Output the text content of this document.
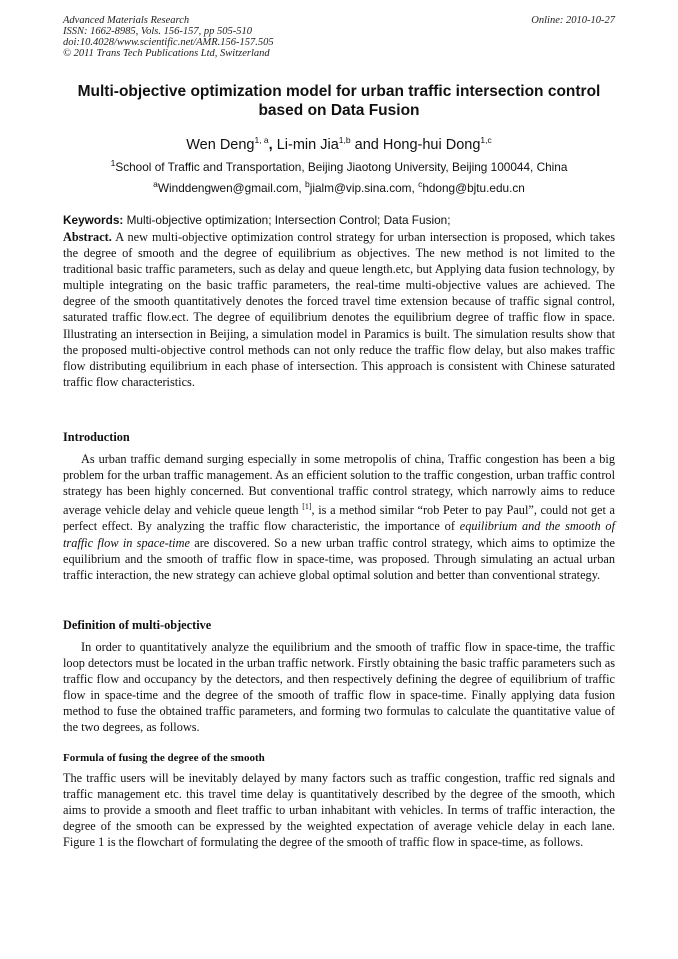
Advanced Materials Research
ISSN: 1662-8985, Vols. 156-157, pp 505-510
doi:10.4028/www.scientific.net/AMR.156-157.505
© 2011 Trans Tech Publications Ltd, Switzerland
Online: 2010-10-27
Multi-objective optimization model for urban traffic intersection control based on Data Fusion
Wen Deng$^{1, a}$, Li-min Jia$^{1,b}$ and Hong-hui Dong$^{1,c}$
$^1$School of Traffic and Transportation, Beijing Jiaotong University, Beijing 100044, China
$^a$Winddengwen@gmail.com, $^b$jialm@vip.sina.com, $^c$hdong@bjtu.edu.cn
Keywords: Multi-objective optimization; Intersection Control; Data Fusion;
Abstract. A new multi-objective optimization control strategy for urban intersection is proposed, which takes the degree of smooth and the degree of equilibrium as objectives. The new method is not limited to the traditional basic traffic parameters, such as delay and queue length.etc, but Applying data fusion technology, by multiple integrating on the basic traffic parameters, the real-time multi-objective values are achieved. The degree of the smooth quantitatively denotes the forced travel time extension because of traffic signal control, saturated traffic flow.ect. The degree of equilibrium denotes the equilibrium degree of traffic flow in space. Illustrating an intersection in Beijing, a simulation model in Paramics is built. The simulation results show that the proposed multi-objective control methods can not only reduce the traffic flow delay, but also makes traffic flow distributing equilibrium in each phase of intersection. This approach is consistent with Chinese saturated traffic flow characteristics.
Introduction
As urban traffic demand surging especially in some metropolis of china, Traffic congestion has been a big problem for the urban traffic management. As an efficient solution to the traffic congestion, urban traffic control strategy has been highly concerned. But conventional traffic control strategy, which narrowly aims to reduce average vehicle delay and vehicle queue length [1], is a method similar “rob Peter to pay Paul”, could not get a perfect effect. By analyzing the traffic flow characteristic, the importance of equilibrium and the smooth of traffic flow in space-time are discovered. So a new urban traffic control strategy, which aims to optimize the equilibrium and the smooth of traffic flow in space-time, was proposed. Through simulating an actual urban traffic interaction, the new strategy can achieve global optimal solution and better than conventional strategy.
Definition of multi-objective
In order to quantitatively analyze the equilibrium and the smooth of traffic flow in space-time, the traffic loop detectors must be located in the urban traffic network. Firstly obtaining the basic traffic parameters such as traffic flow and occupancy by the detectors, and then respectively defining the degree of equilibrium of traffic flow in space-time and the degree of the smooth of traffic flow in space-time. Finally applying data fusion method to fuse the obtained traffic parameters, and forming two formulas to calculate the quantitative value of the two degrees, as follows.
Formula of fusing the degree of the smooth
The traffic users will be inevitably delayed by many factors such as traffic congestion, traffic red signals and traffic management etc. this travel time delay is quantitatively described by the degree of the smooth, which aims to provide a smooth and fleet traffic to urban inhabitant with vehicles. In terms of traffic interaction, the degree of the smooth can be expressed by the weighted expectation of average vehicle delay in each lane. Figure 1 is the flowchart of formulating the degree of the smooth of traffic flow in space-time, as follows.
